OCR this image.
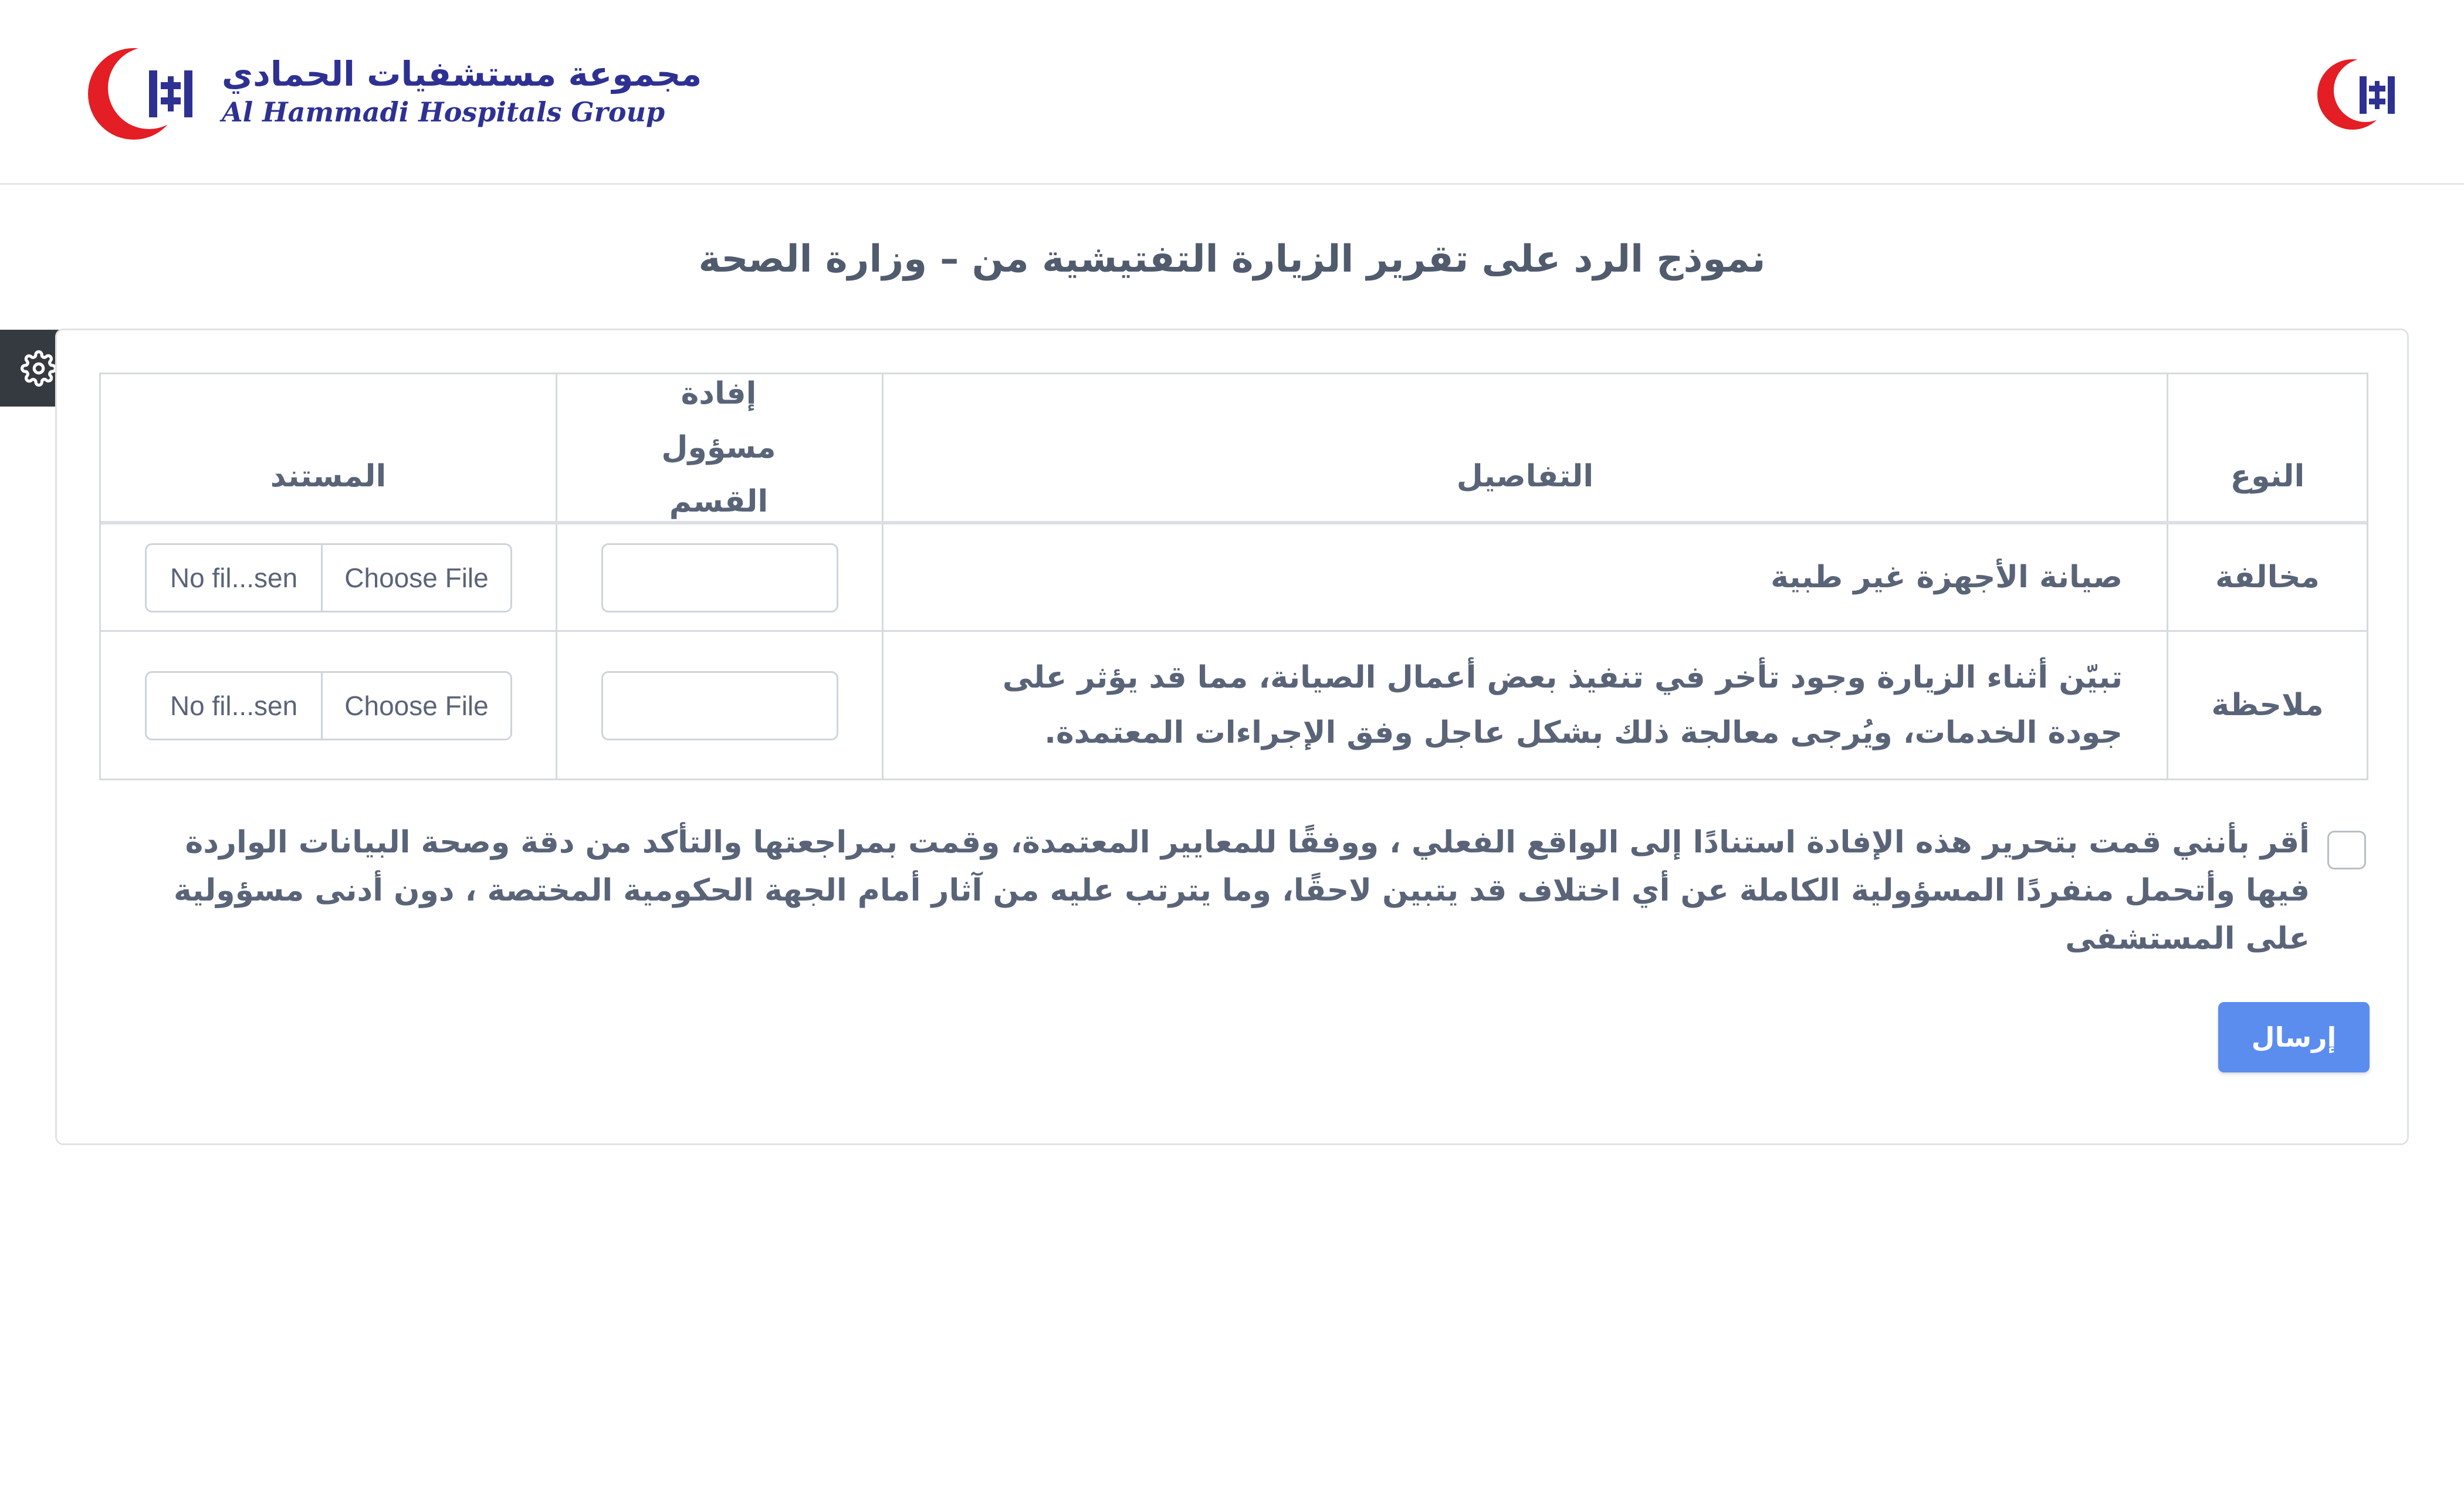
مجموعة مستشفيات الحمادي
Al Hammadi Hospitals Group
نموذج الرد على تقرير الزيارة التفتيشية من – وزارة الصحة
النوع
التفاصيل
إفادة مسؤول القسم
المستند
مخالفة
صيانة الأجهزة غير طبية
No fil...sen	Choose File
ملاحظة
تبيّن أثناء الزيارة وجود تأخر في تنفيذ بعض أعمال الصيانة، مما قد يؤثر على جودة الخدمات، ويُرجى معالجة ذلك بشكل عاجل وفق الإجراءات المعتمدة.
No fil...sen	Choose File
أقر بأنني قمت بتحرير هذه الإفادة استنادًا إلى الواقع الفعلي ، ووفقًا للمعايير المعتمدة، وقمت بمراجعتها والتأكد من دقة وصحة البيانات الواردة فيها وأتحمل منفردًا المسؤولية الكاملة عن أي اختلاف قد يتبين لاحقًا، وما يترتب عليه من آثار أمام الجهة الحكومية المختصة ، دون أدنى مسؤولية على المستشفى
إرسال
